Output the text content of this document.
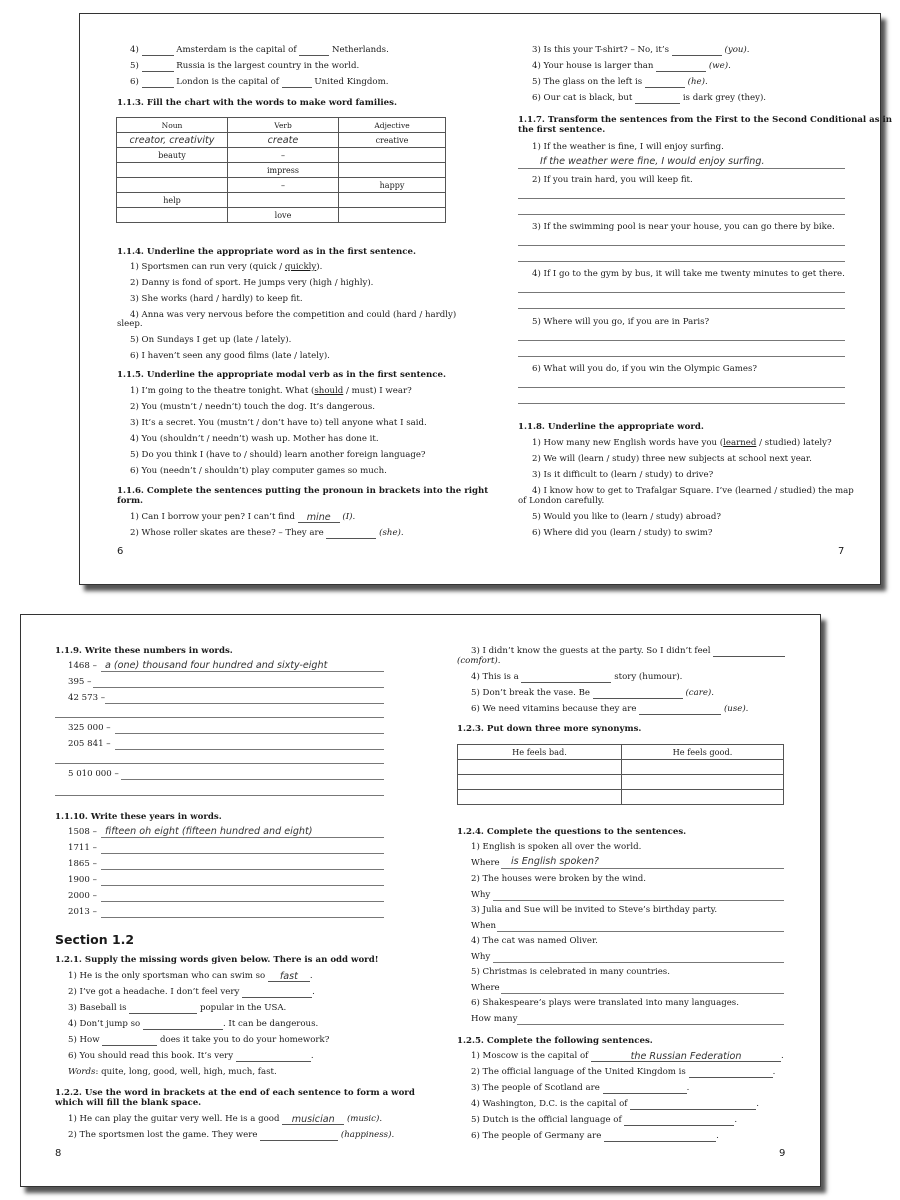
4)	Amsterdam is the capital of	Netherlands.
5)	Russia is the largest country in the world.
6)	London is the capital of	United Kingdom.
1.1.3. Fill the chart with the words to make word families.
Noun	Verb	Adjective
creator, creativity	create	creative
beauty	–	
	impress	
	–	happy
help		
	love	
1.1.4. Underline the appropriate word as in the first sentence.
1) Sportsmen can run very (quick / quickly).
2) Danny is fond of sport. He jumps very (high / highly).
3) She works (hard / hardly) to keep fit.
4) Anna was very nervous before the competition and could (hard / hardly)
sleep.
5) On Sundays I get up (late / lately).
6) I haven’t seen any good films (late / lately).
1.1.5. Underline the appropriate modal verb as in the first sentence.
1) I’m going to the theatre tonight. What (should / must) I wear?
2) You (mustn’t / needn’t) touch the dog. It’s dangerous.
3) It’s a secret. You (mustn’t / don’t have to) tell anyone what I said.
4) You (shouldn’t / needn’t) wash up. Mother has done it.
5) Do you think I (have to / should) learn another foreign language?
6) You (needn’t / shouldn’t) play computer games so much.
1.1.6. Complete the sentences putting the pronoun in brackets into the right
form.
1) Can I borrow your pen? I can’t find mine (I).
2) Whose roller skates are these? – They are	(she).
6
3) Is this your T-shirt? – No, it’s	(you).
4) Your house is larger than	(we).
5) The glass on the left is	(he).
6) Our cat is black, but	is dark grey (they).
1.1.7. Transform the sentences from the First to the Second Conditional as in
the first sentence.
1) If the weather is fine, I will enjoy surfing.
If the weather were fine, I would enjoy surfing.
2) If you train hard, you will keep fit.
3) If the swimming pool is near your house, you can go there by bike.
4) If I go to the gym by bus, it will take me twenty minutes to get there.
5) Where will you go, if you are in Paris?
6) What will you do, if you win the Olympic Games?
1.1.8. Underline the appropriate word.
1) How many new English words have you (learned / studied) lately?
2) We will (learn / study) three new subjects at school next year.
3) Is it difficult to (learn / study) to drive?
4) I know how to get to Trafalgar Square. I’ve (learned / studied) the map
of London carefully.
5) Would you like to (learn / study) abroad?
6) Where did you (learn / study) to swim?
7
1.1.9. Write these numbers in words.
1468 – a (one) thousand four hundred and sixty-eight
395 –
42 573 –
325 000 –
205 841 –
5 010 000 –
1.1.10. Write these years in words.
1508 – fifteen oh eight (fifteen hundred and eight)
1711 –
1865 –
1900 –
2000 –
2013 –
Section 1.2
1.2.1. Supply the missing words given below. There is an odd word!
1) He is the only sportsman who can swim so fast .
2) I’ve got a headache. I don’t feel very	.
3) Baseball is	popular in the USA.
4) Don’t jump so	. It can be dangerous.
5) How	does it take you to do your homework?
6) You should read this book. It’s very	.
Words: quite, long, good, well, high, much, fast.
1.2.2. Use the word in brackets at the end of each sentence to form a word
which will fill the blank space.
1) He can play the guitar very well. He is a good musician (music).
2) The sportsmen lost the game. They were	(happiness).
8
3) I didn’t know the guests at the party. So I didn’t feel
(comfort).
4) This is a	story (humour).
5) Don’t break the vase. Be	(care).
6) We need vitamins because they are	(use).
1.2.3. Put down three more synonyms.
He feels bad.	He feels good.

1.2.4. Complete the questions to the sentences.
1) English is spoken all over the world.
Where is English spoken?
2) The houses were broken by the wind.
Why
3) Julia and Sue will be invited to Steve’s birthday party.
When
4) The cat was named Oliver.
Why
5) Christmas is celebrated in many countries.
Where
6) Shakespeare’s plays were translated into many languages.
How many
1.2.5. Complete the following sentences.
1) Moscow is the capital of	the Russian Federation	.
2) The official language of the United Kingdom is	.
3) The people of Scotland are	.
4) Washington, D.C. is the capital of	.
5) Dutch is the official language of	.
6) The people of Germany are	.
9
